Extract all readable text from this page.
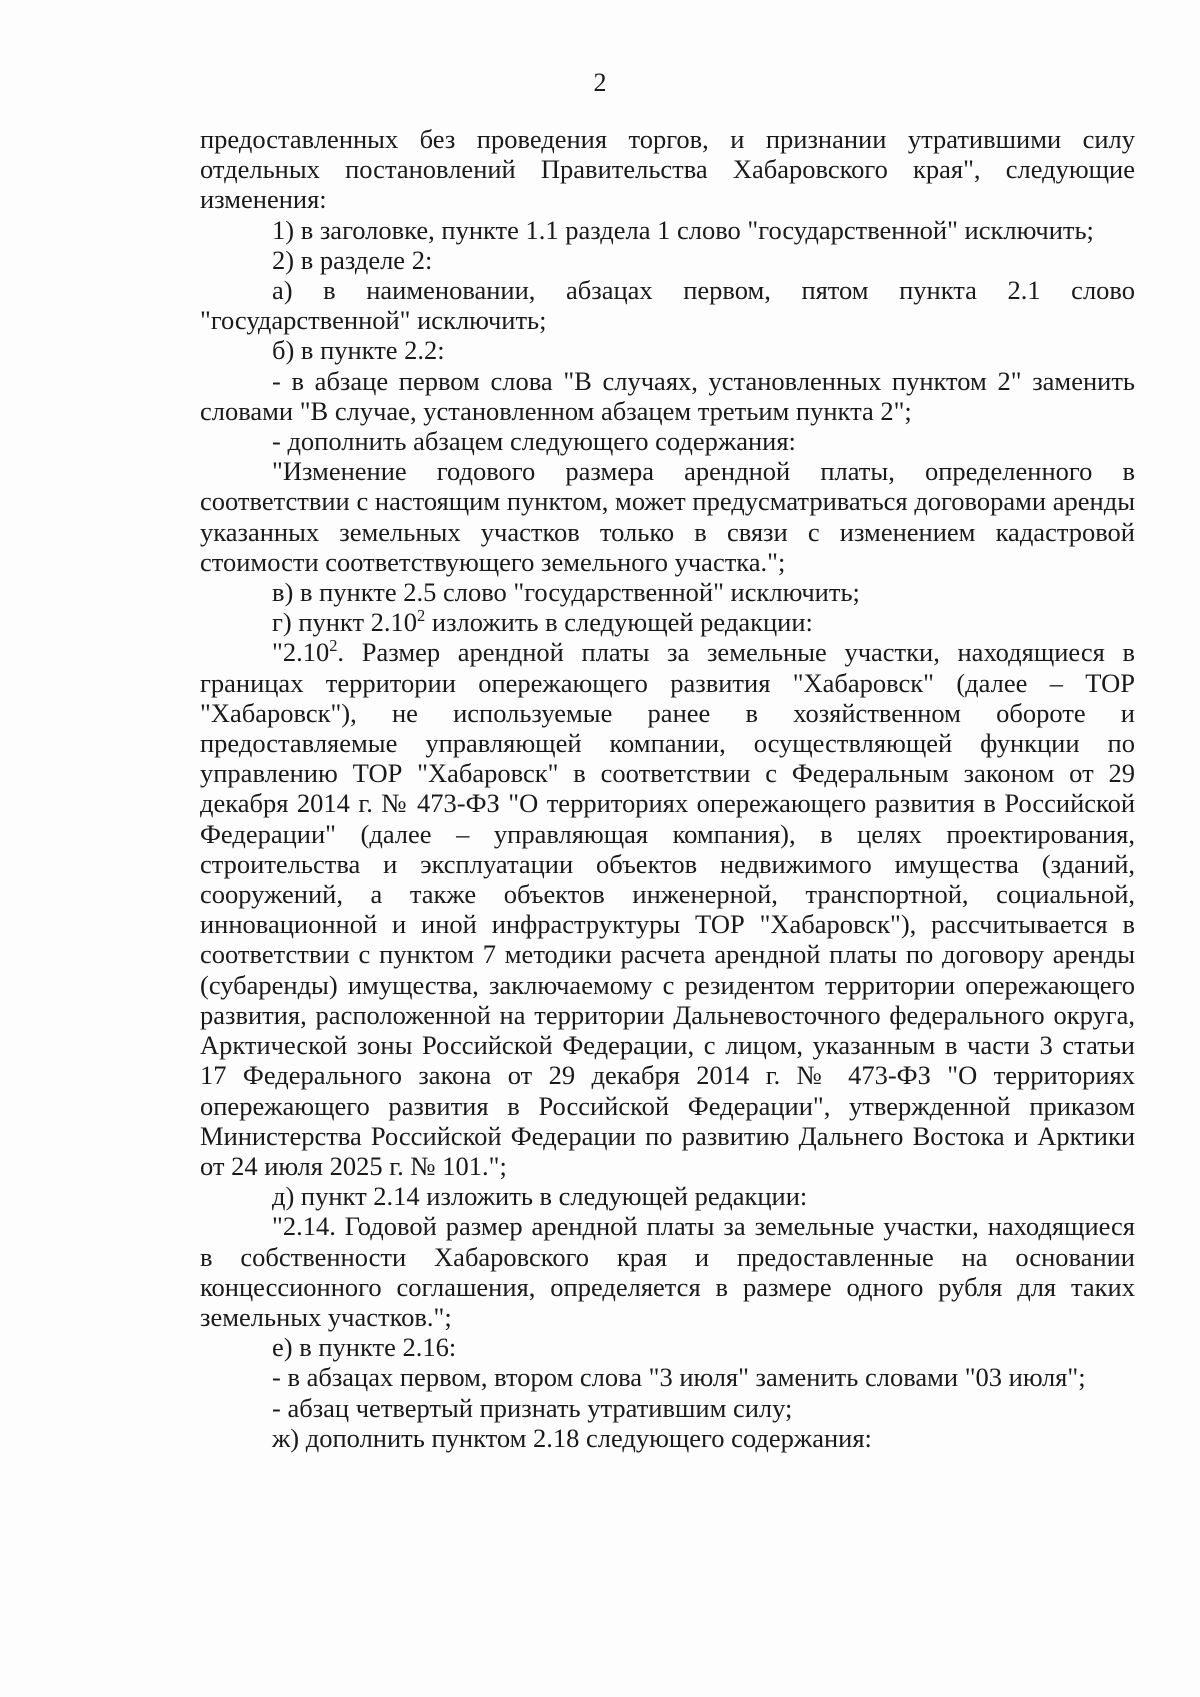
2

предоставленных без проведения торгов, и признании утратившими силу отдельных постановлений Правительства Хабаровского края", следующие изменения:

1) в заголовке, пункте 1.1 раздела 1 слово "государственной" исключить;

2) в разделе 2:

а) в наименовании, абзацах первом, пятом пункта 2.1 слово "государственной" исключить;

б) в пункте 2.2:

- в абзаце первом слова "В случаях, установленных пунктом 2" заменить словами "В случае, установленном абзацем третьим пункта 2";

- дополнить абзацем следующего содержания:

"Изменение годового размера арендной платы, определенного в соответствии с настоящим пунктом, может предусматриваться договорами аренды указанных земельных участков только в связи с изменением кадастровой стоимости соответствующего земельного участка.";

в) в пункте 2.5 слово "государственной" исключить;

г) пункт 2.10$^2$ изложить в следующей редакции:

"2.10$^2$. Размер арендной платы за земельные участки, находящиеся в границах территории опережающего развития "Хабаровск" (далее – ТОР "Хабаровск"), не используемые ранее в хозяйственном обороте и предоставляемые управляющей компании, осуществляющей функции по управлению ТОР "Хабаровск" в соответствии с Федеральным законом от 29 декабря 2014 г. № 473-ФЗ "О территориях опережающего развития в Российской Федерации" (далее – управляющая компания), в целях проектирования, строительства и эксплуатации объектов недвижимого имущества (зданий, сооружений, а также объектов инженерной, транспортной, социальной, инновационной и иной инфраструктуры ТОР "Хабаровск"), рассчитывается в соответствии с пунктом 7 методики расчета арендной платы по договору аренды (субаренды) имущества, заключаемому с резидентом территории опережающего развития, расположенной на территории Дальневосточного федерального округа, Арктической зоны Российской Федерации, с лицом, указанным в части 3 статьи 17 Федерального закона от 29 декабря 2014 г. № 473-ФЗ "О территориях опережающего развития в Российской Федерации", утвержденной приказом Министерства Российской Федерации по развитию Дальнего Востока и Арктики от 24 июля 2025 г. № 101.";

д) пункт 2.14 изложить в следующей редакции:

"2.14. Годовой размер арендной платы за земельные участки, находящиеся в собственности Хабаровского края и предоставленные на основании концессионного соглашения, определяется в размере одного рубля для таких земельных участков.";

е) в пункте 2.16:

- в абзацах первом, втором слова "3 июля" заменить словами "03 июля";

- абзац четвертый признать утратившим силу;

ж) дополнить пунктом 2.18 следующего содержания:
